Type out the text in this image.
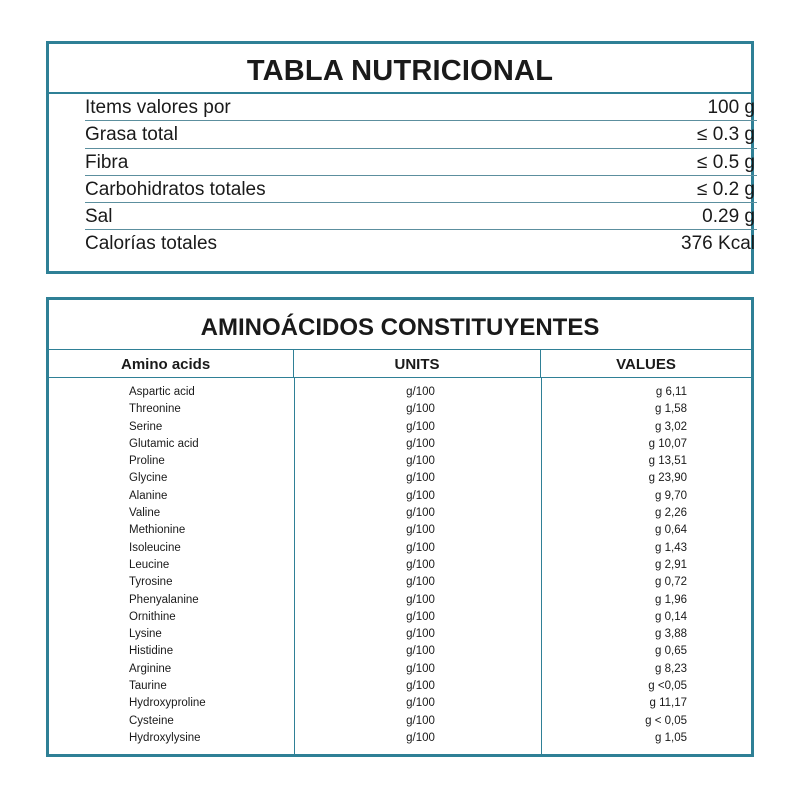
TABLA NUTRICIONAL
Items valores por	100 g
Grasa total	≤ 0.3 g
Fibra	≤ 0.5 g
Carbohidratos totales	≤ 0.2 g
Sal	0.29 g
Calorías totales	376 Kcal
AMINOÁCIDOS CONSTITUYENTES
Amino acids	UNITS	VALUES
Aspartic acid	g/100	g 6,11
Threonine	g/100	g 1,58
Serine	g/100	g 3,02
Glutamic acid	g/100	g 10,07
Proline	g/100	g 13,51
Glycine	g/100	g 23,90
Alanine	g/100	g 9,70
Valine	g/100	g 2,26
Methionine	g/100	g 0,64
Isoleucine	g/100	g 1,43
Leucine	g/100	g 2,91
Tyrosine	g/100	g 0,72
Phenyalanine	g/100	g 1,96
Ornithine	g/100	g 0,14
Lysine	g/100	g 3,88
Histidine	g/100	g 0,65
Arginine	g/100	g 8,23
Taurine	g/100	g <0,05
Hydroxyproline	g/100	g 11,17
Cysteine	g/100	g < 0,05
Hydroxylysine	g/100	g 1,05
